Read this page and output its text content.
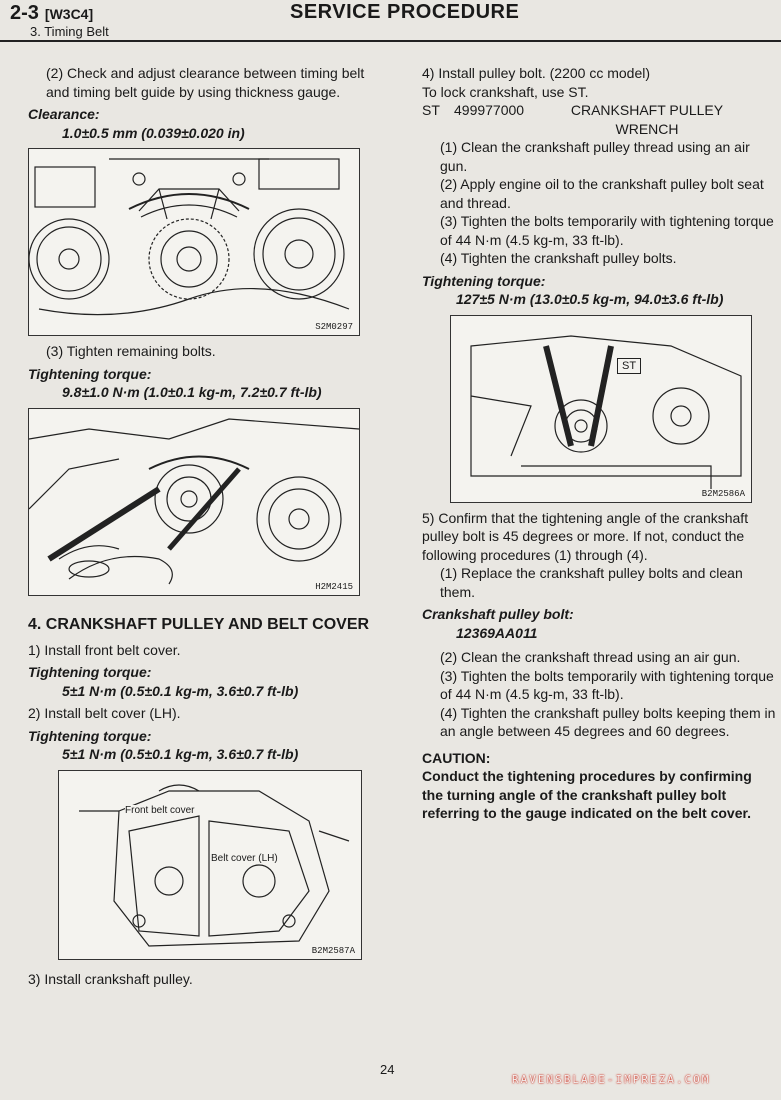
2-3 [W3C4]
3. Timing Belt
SERVICE PROCEDURE

(2) Check and adjust clearance between timing belt and timing belt guide by using thickness gauge.

Clearance:

1.0±0.5 mm (0.039±0.020 in)

S2M0297

(3) Tighten remaining bolts.

Tightening torque:

9.8±1.0 N·m (1.0±0.1 kg-m, 7.2±0.7 ft-lb)

H2M2415
4. CRANKSHAFT PULLEY AND BELT COVER

1) Install front belt cover.

Tightening torque:

5±1 N·m (0.5±0.1 kg-m, 3.6±0.7 ft-lb)

2) Install belt cover (LH).

Tightening torque:

5±1 N·m (0.5±0.1 kg-m, 3.6±0.7 ft-lb)

Front belt cover
Belt cover (LH)
B2M2587A

3) Install crankshaft pulley.

4) Install pulley bolt. (2200 cc model)

To lock crankshaft, use ST.

ST	499977000	CRANKSHAFT PULLEY
WRENCH

(1) Clean the crankshaft pulley thread using an air gun.

(2) Apply engine oil to the crankshaft pulley bolt seat and thread.

(3) Tighten the bolts temporarily with tightening torque of 44 N·m (4.5 kg-m, 33 ft-lb).

(4) Tighten the crankshaft pulley bolts.

Tightening torque:

127±5 N·m (13.0±0.5 kg-m, 94.0±3.6 ft-lb)

ST
B2M2586A

5) Confirm that the tightening angle of the crankshaft pulley bolt is 45 degrees or more. If not, conduct the following procedures (1) through (4).

(1) Replace the crankshaft pulley bolts and clean them.

Crankshaft pulley bolt:

12369AA011

(2) Clean the crankshaft thread using an air gun.

(3) Tighten the bolts temporarily with tightening torque of 44 N·m (4.5 kg-m, 33 ft-lb).

(4) Tighten the crankshaft pulley bolts keeping them in an angle between 45 degrees and 60 degrees.

CAUTION:

Conduct the tightening procedures by confirming the turning angle of the crankshaft pulley bolt referring to the gauge indicated on the belt cover.

24
RAVENSBLADE-IMPREZA.COM
